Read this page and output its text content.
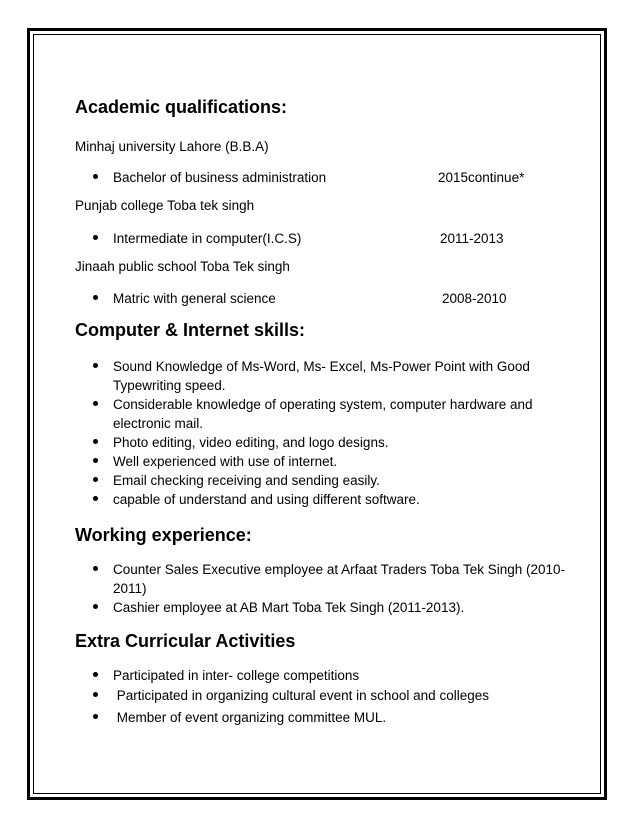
Academic qualifications:
Minhaj university Lahore (B.B.A)
Bachelor of business administration	2015continue*
Punjab college Toba tek singh
Intermediate in computer(I.C.S)	2011-2013
Jinaah public school Toba Tek singh
Matric with general science	2008-2010
Computer & Internet skills:
Sound Knowledge of Ms-Word, Ms- Excel, Ms-Power Point with Good Typewriting speed.
Considerable knowledge of operating system, computer hardware and electronic mail.
Photo editing, video editing, and logo designs.
Well experienced with use of internet.
Email checking receiving and sending easily.
capable of understand and using different software.
Working experience:
Counter Sales Executive employee at Arfaat Traders Toba Tek Singh (2010-2011)
Cashier employee at AB Mart Toba Tek Singh (2011-2013).
Extra Curricular Activities
Participated in inter- college competitions
Participated in organizing cultural event in school and colleges
Member of event organizing committee MUL.
